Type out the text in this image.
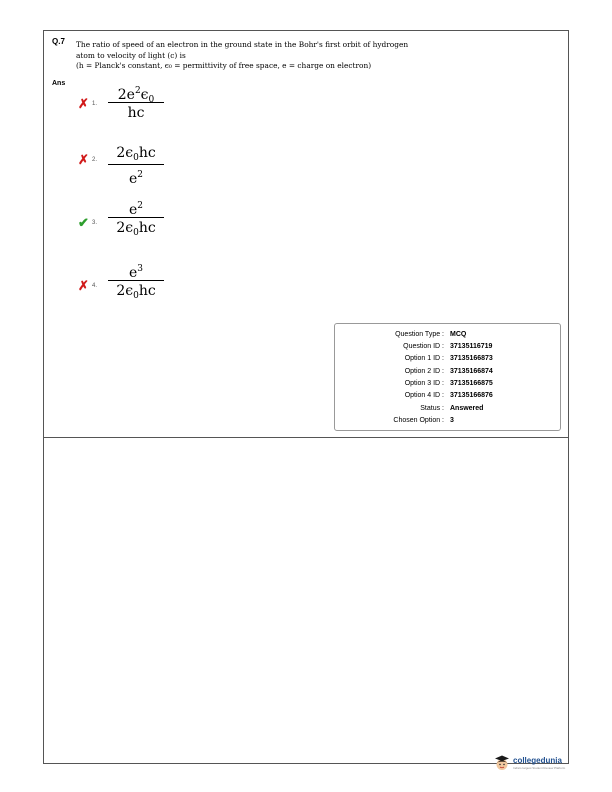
Q.7 The ratio of speed of an electron in the ground state in the Bohr's first orbit of hydrogen
atom to velocity of light (c) is
(h = Planck's constant, ϵ₀ = permittivity of free space, e = charge on electron)
Ans
✗ 1.
$2e^2\epsilon_0$
hc
✗ 2.	$2\epsilon_0hc$
$e^2$
✔ 3.
$e^2$
$2\epsilon_0hc$
✗ 4.
$e^3$
$2\epsilon_0hc$
Question Type : MCQ
Question ID : 37135116719
Option 1 ID : 37135166873
Option 2 ID : 37135166874
Option 3 ID : 37135166875
Option 4 ID : 37135166876
Status : Answered
Chosen Option : 3
collegedunia
India's largest Student Review Platform
